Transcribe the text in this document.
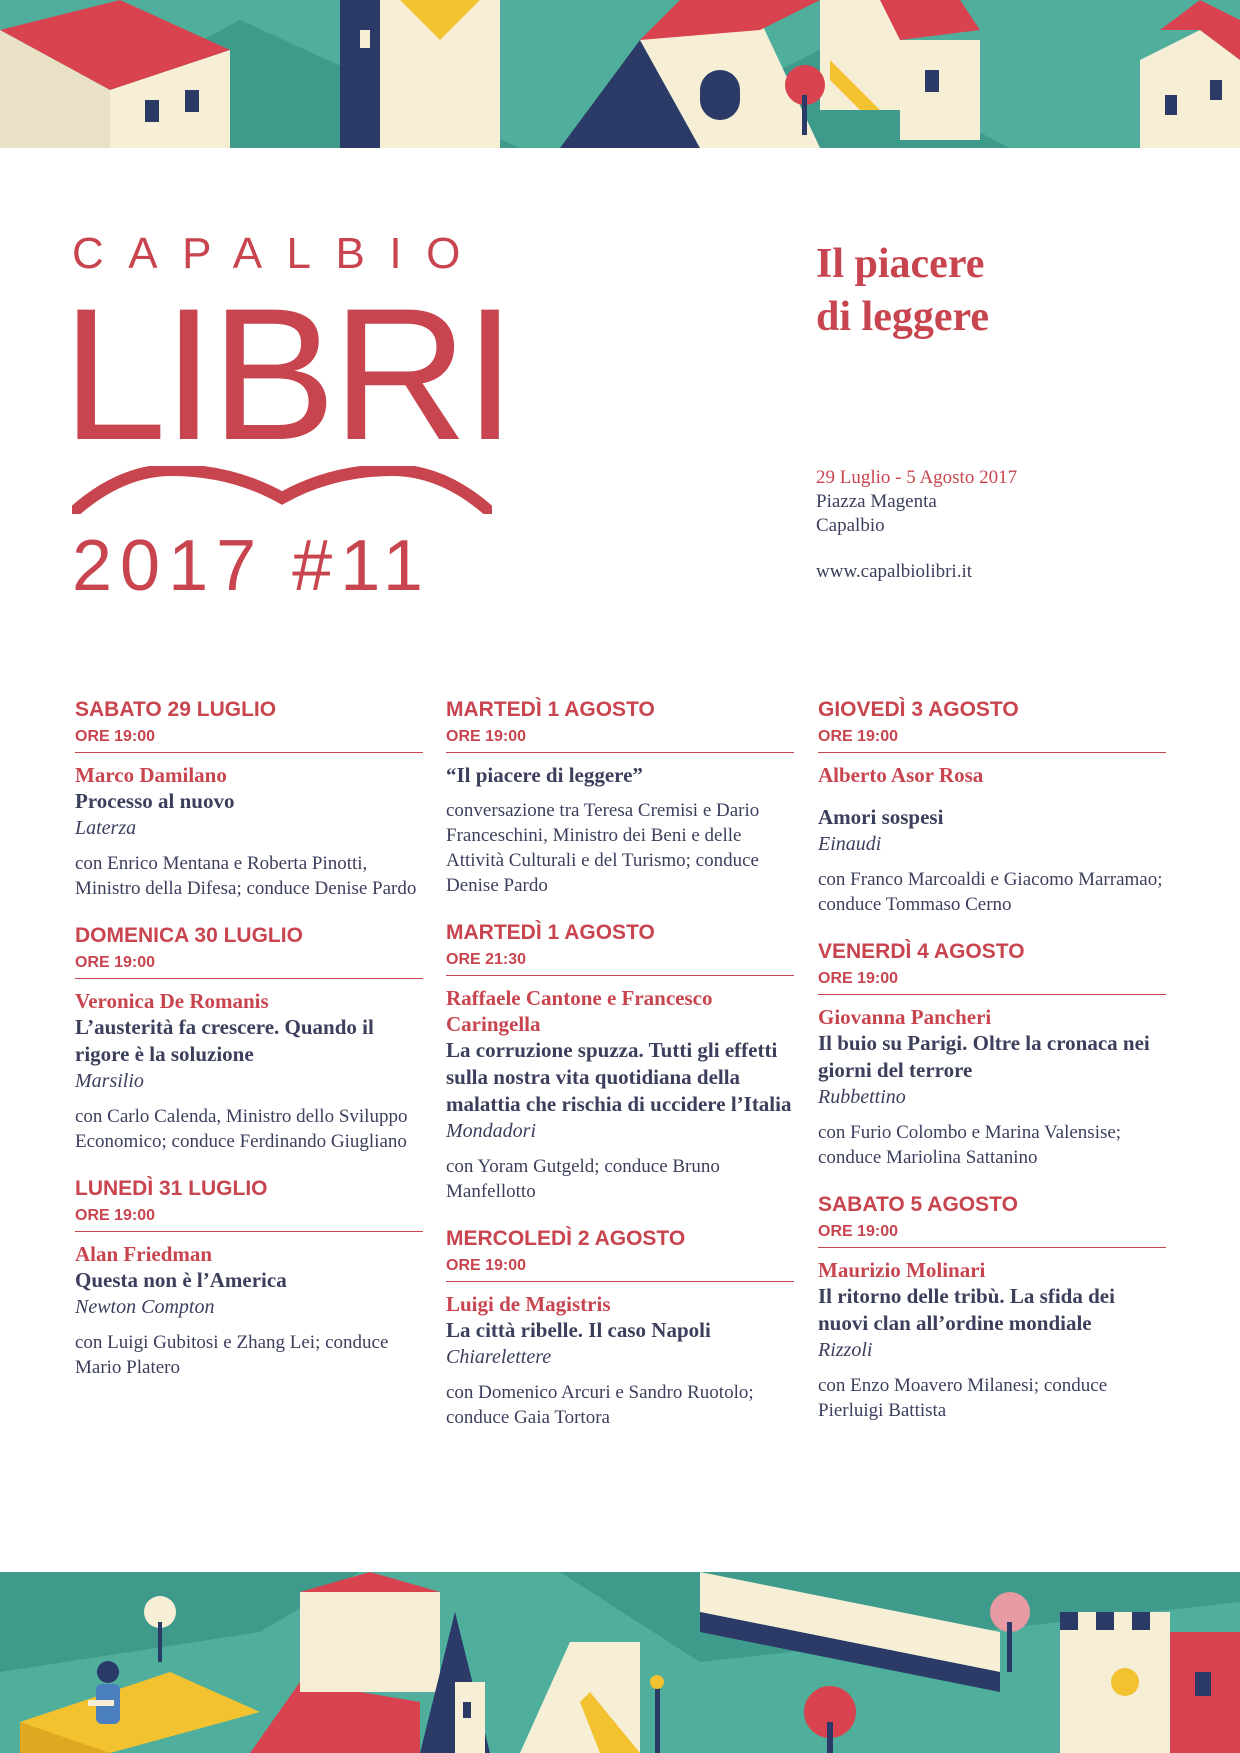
CAPALBIO
LIBRI
2017 #11
Il piacere
di leggere
29 Luglio - 5 Agosto 2017
Piazza Magenta
Capalbio
www.capalbiolibri.it
SABATO 29 LUGLIO
ORE 19:00
Marco Damilano
Processo al nuovo
Laterza
con Enrico Mentana e Roberta Pinotti, Ministro della Difesa; conduce Denise Pardo
DOMENICA 30 LUGLIO
ORE 19:00
Veronica De Romanis
L’austerità fa crescere. Quando il rigore è la soluzione
Marsilio
con Carlo Calenda, Ministro dello Sviluppo Economico; conduce Ferdinando Giugliano
LUNEDÌ 31 LUGLIO
ORE 19:00
Alan Friedman
Questa non è l’America
Newton Compton
con Luigi Gubitosi e Zhang Lei; conduce Mario Platero
MARTEDÌ 1 AGOSTO
ORE 19:00
“Il piacere di leggere”
conversazione tra Teresa Cremisi e Dario Franceschini, Ministro dei Beni e delle Attività Culturali e del Turismo; conduce Denise Pardo
MARTEDÌ 1 AGOSTO
ORE 21:30
Raffaele Cantone e Francesco Caringella
La corruzione spuzza. Tutti gli effetti sulla nostra vita quotidiana della malattia che rischia di uccidere l’Italia
Mondadori
con Yoram Gutgeld; conduce Bruno Manfellotto
MERCOLEDÌ 2 AGOSTO
ORE 19:00
Luigi de Magistris
La città ribelle. Il caso Napoli
Chiarelettere
con Domenico Arcuri e Sandro Ruotolo; conduce Gaia Tortora
GIOVEDÌ 3 AGOSTO
ORE 19:00
Alberto Asor Rosa
Amori sospesi
Einaudi
con Franco Marcoaldi e Giacomo Marramao; conduce Tommaso Cerno
VENERDÌ 4 AGOSTO
ORE 19:00
Giovanna Pancheri
Il buio su Parigi. Oltre la cronaca nei giorni del terrore
Rubbettino
con Furio Colombo e Marina Valensise; conduce Mariolina Sattanino
SABATO 5 AGOSTO
ORE 19:00
Maurizio Molinari
Il ritorno delle tribù. La sfida dei nuovi clan all’ordine mondiale
Rizzoli
con Enzo Moavero Milanesi; conduce Pierluigi Battista
